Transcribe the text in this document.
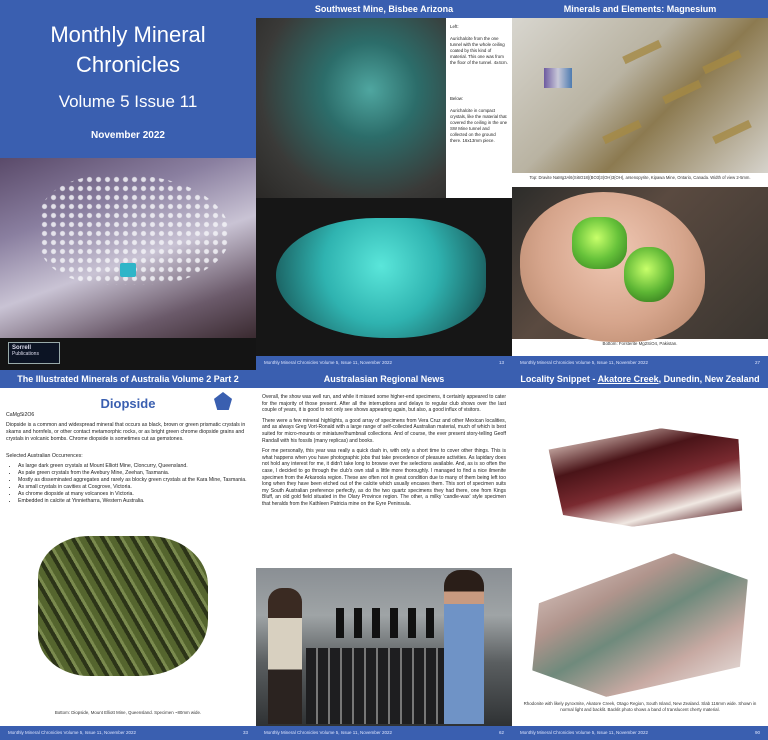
Monthly Mineral
Chronicles
Volume 5 Issue 11
November 2022
Sorrell
Publications
Southwest Mine, Bisbee Arizona

Left:

Aurichalcite from the one tunnel with the whole ceiling coated by this kind of material. This one was from the floor of the tunnel. 4x4cm.

Below:

Aurichalcite in compact crystals, like the material that covered the ceiling in the one SW Mine tunnel and collected on the ground there. 16x13mm piece.

Monthly Mineral Chronicles Volume 5, Issue 11, November 2022	13
Minerals and Elements: Magnesium
Top: Dravite NaMg3Al6(Si6O18)(BO3)3(OH)3(OH), arsenopyrite, Kipawa Mine, Ontario, Canada. Width of view 2-5mm.
Bottom: Forsterite Mg2SiO4, Pakistan.
Monthly Mineral Chronicles Volume 5, Issue 11, November 2022	27
The Illustrated Minerals of Australia Volume 2 Part 2
Diopside
CaMgSi2O6
Diopside is a common and widespread mineral that occurs as black, brown or green prismatic crystals in skarns and hornfels, or other contact metamorphic rocks, or as bright green chrome diopside grains and crystals in volcanic bombs. Chrome diopside is sometimes cut as gemstones.
Selected Australian Occurrences:
• As large dark green crystals at Mount Elliott Mine, Cloncurry, Queensland.
• As pale green crystals from the Avebury Mine, Zeehan, Tasmania.
• Mostly as disseminated aggregates and rarely as blocky green crystals at the Kara Mine, Tasmania.
• As small crystals in cavities at Cosgrove, Victoria.
• As chrome diopside at many volcanoes in Victoria.
• Embedded in calcite at Yinnietharra, Western Australia.
Bottom: Diopside, Mount Elliott Mine, Queensland. Specimen ~80mm wide.
Monthly Mineral Chronicles Volume 5, Issue 11, November 2022	33
Australasian Regional News

Overall, the show was well run, and while it missed some higher-end specimens, it certainly appeared to cater for the majority of those present. After all the interruptions and delays to regular club shows over the last couple of years, it is good to not only see shows appearing again, but also, a good influx of visitors.

There were a few mineral highlights, a good array of specimens from Vera Cruz and other Mexican localities, and as always Greg Vort-Ronald with a large range of self-collected Australian material, much of which is best suited for micro-mounts or miniature/thumbnail collections. And of course, the ever present story-telling Geoff Randall with his fossils (many replicas) and books.

For me personally, this year was really a quick dash in, with only a short time to cover other things. This is what happens when you have photographic jobs that take precedence of pleasure activities. As lapidary does not hold any interest for me, it didn't take long to browse over the selections available. And, as is so often the case, I decided to go through the club's own stall a little more thoroughly. I managed to find a nice ilmenite specimen from the Arkaroola region. These are often not in great condition due to many of them being left too long when they have been etched out of the calcite which usually encases them. This sort of specimen suits my South Australian preference perfectly, as do the two quartz specimens they had there, one from Kings Bluff, an old gold field situated in the Olary Province region. The other, a milky 'candle-wax' style specimen that heralds from the Kathleen Patricia mine on the Eyre Peninsula.

Monthly Mineral Chronicles Volume 5, Issue 11, November 2022	62
Locality Snippet - Akatore Creek, Dunedin, New Zealand
Rhodonite with likely pyroxmite, Akatore Creek, Otago Region, South Island, New Zealand. Slab 116mm wide. Shown in normal light and backlit. Backlit photo shows a band of translucent cherty material.
Monthly Mineral Chronicles Volume 5, Issue 11, November 2022	90
